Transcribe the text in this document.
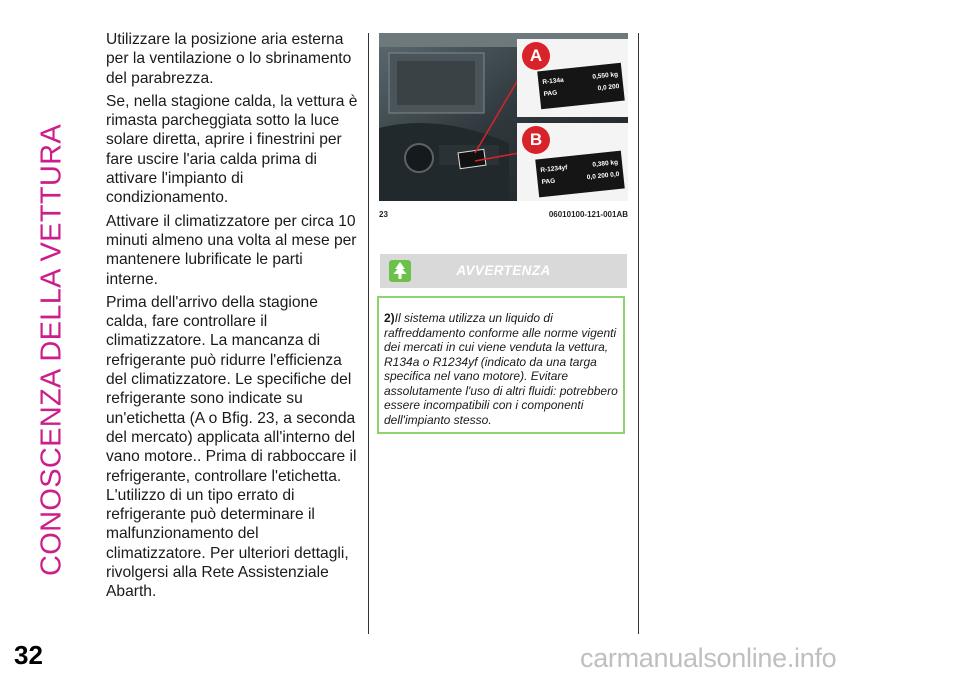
CONOSCENZA DELLA VETTURA

Utilizzare la posizione aria esterna per la ventilazione o lo sbrinamento del parabrezza.

Se, nella stagione calda, la vettura è rimasta parcheggiata sotto la luce solare diretta, aprire i finestrini per fare uscire l'aria calda prima di attivare l'impianto di condizionamento.

Attivare il climatizzatore per circa 10 minuti almeno una volta al mese per mantenere lubrificate le parti interne.

Prima dell'arrivo della stagione calda, fare controllare il climatizzatore. La mancanza di refrigerante può ridurre l'efficienza del climatizzatore. Le specifiche del refrigerante sono indicate su un'etichetta (A o Bfig. 23, a seconda del mercato) applicata all'interno del vano motore.. Prima di rabboccare il refrigerante, controllare l'etichetta. L'utilizzo di un tipo errato di refrigerante può determinare il malfunzionamento del climatizzatore. Per ulteriori dettagli, rivolgersi alla Rete Assistenziale Abarth.

A
R-134a
0,550 kg
PAG
0,0 200
B
R-1234yf
0,380 kg
PAG
0,0 200 0,0
23	06010100-121-001AB
AVVERTENZA
2)Il sistema utilizza un liquido di raffreddamento conforme alle norme vigenti dei mercati in cui viene venduta la vettura, R134a o R1234yf (indicato da una targa specifica nel vano motore). Evitare assolutamente l'uso di altri fluidi: potrebbero essere incompatibili con i componenti dell'impianto stesso.
32	carmanualsonline.info
